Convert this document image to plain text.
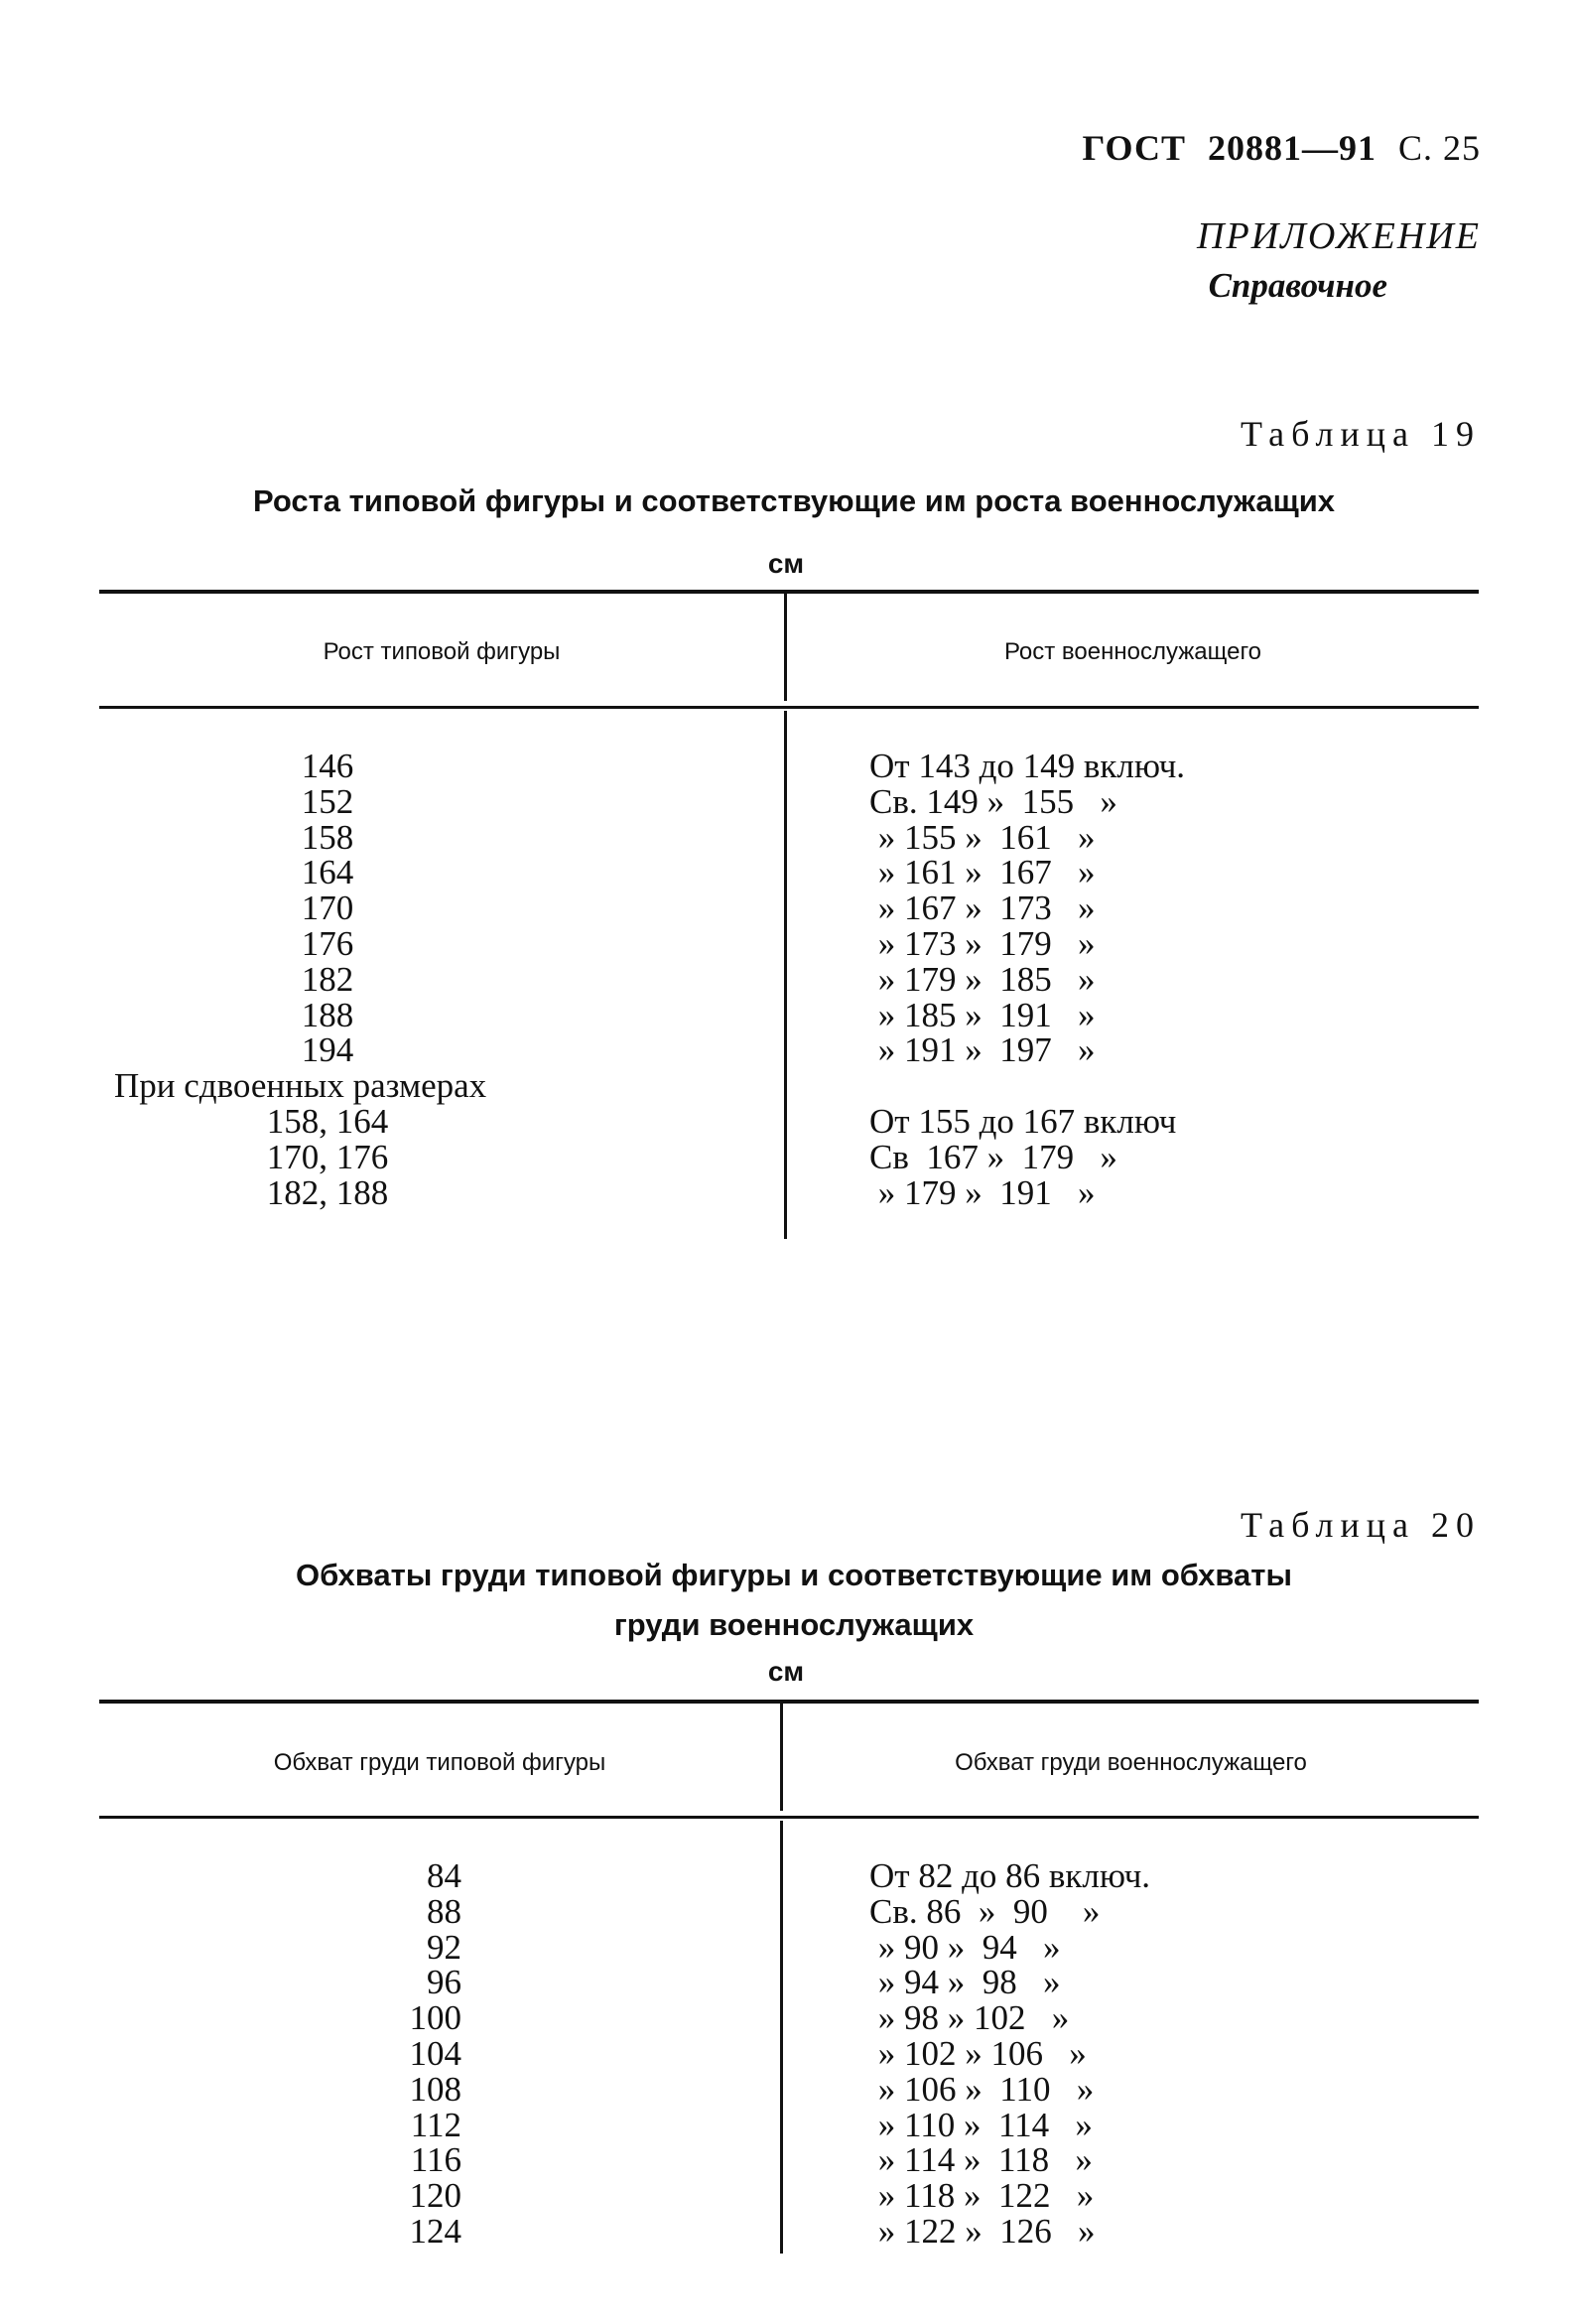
ГОСТ 20881—91 С. 25
ПРИЛОЖЕНИЕ
Справочное
Таблица 19
Роста типовой фигуры и соответствующие им роста военнослужащих
см
Рост типовой фигуры	Рост военнослужащего
146
152
158
164
170
176
182
188
194
При сдвоенных размерах
158, 164
170, 176
182, 188
От 143 до 149 включ.
Св. 149 »  155   »
» 155 »  161   »
» 161 »  167   »
» 167 »  173   »
» 173 »  179   »
» 179 »  185   »
» 185 »  191   »
» 191 »  197   »
От 155 до 167 включ
Св  167 »  179   »
» 179 »  191   »
Таблица 20
Обхваты груди типовой фигуры и соответствующие им обхваты
груди военнослужащих
см
Обхват груди типовой фигуры	Обхват груди военнослужащего
84
88
92
96
100
104
108
112
116
120
124
От 82 до 86 включ.
Св. 86  »  90    »
» 90 »  94   »
» 94 »  98   »
» 98 » 102   »
» 102 » 106   »
» 106 »  110   »
» 110 »  114   »
» 114 »  118   »
» 118 »  122   »
» 122 »  126   »
